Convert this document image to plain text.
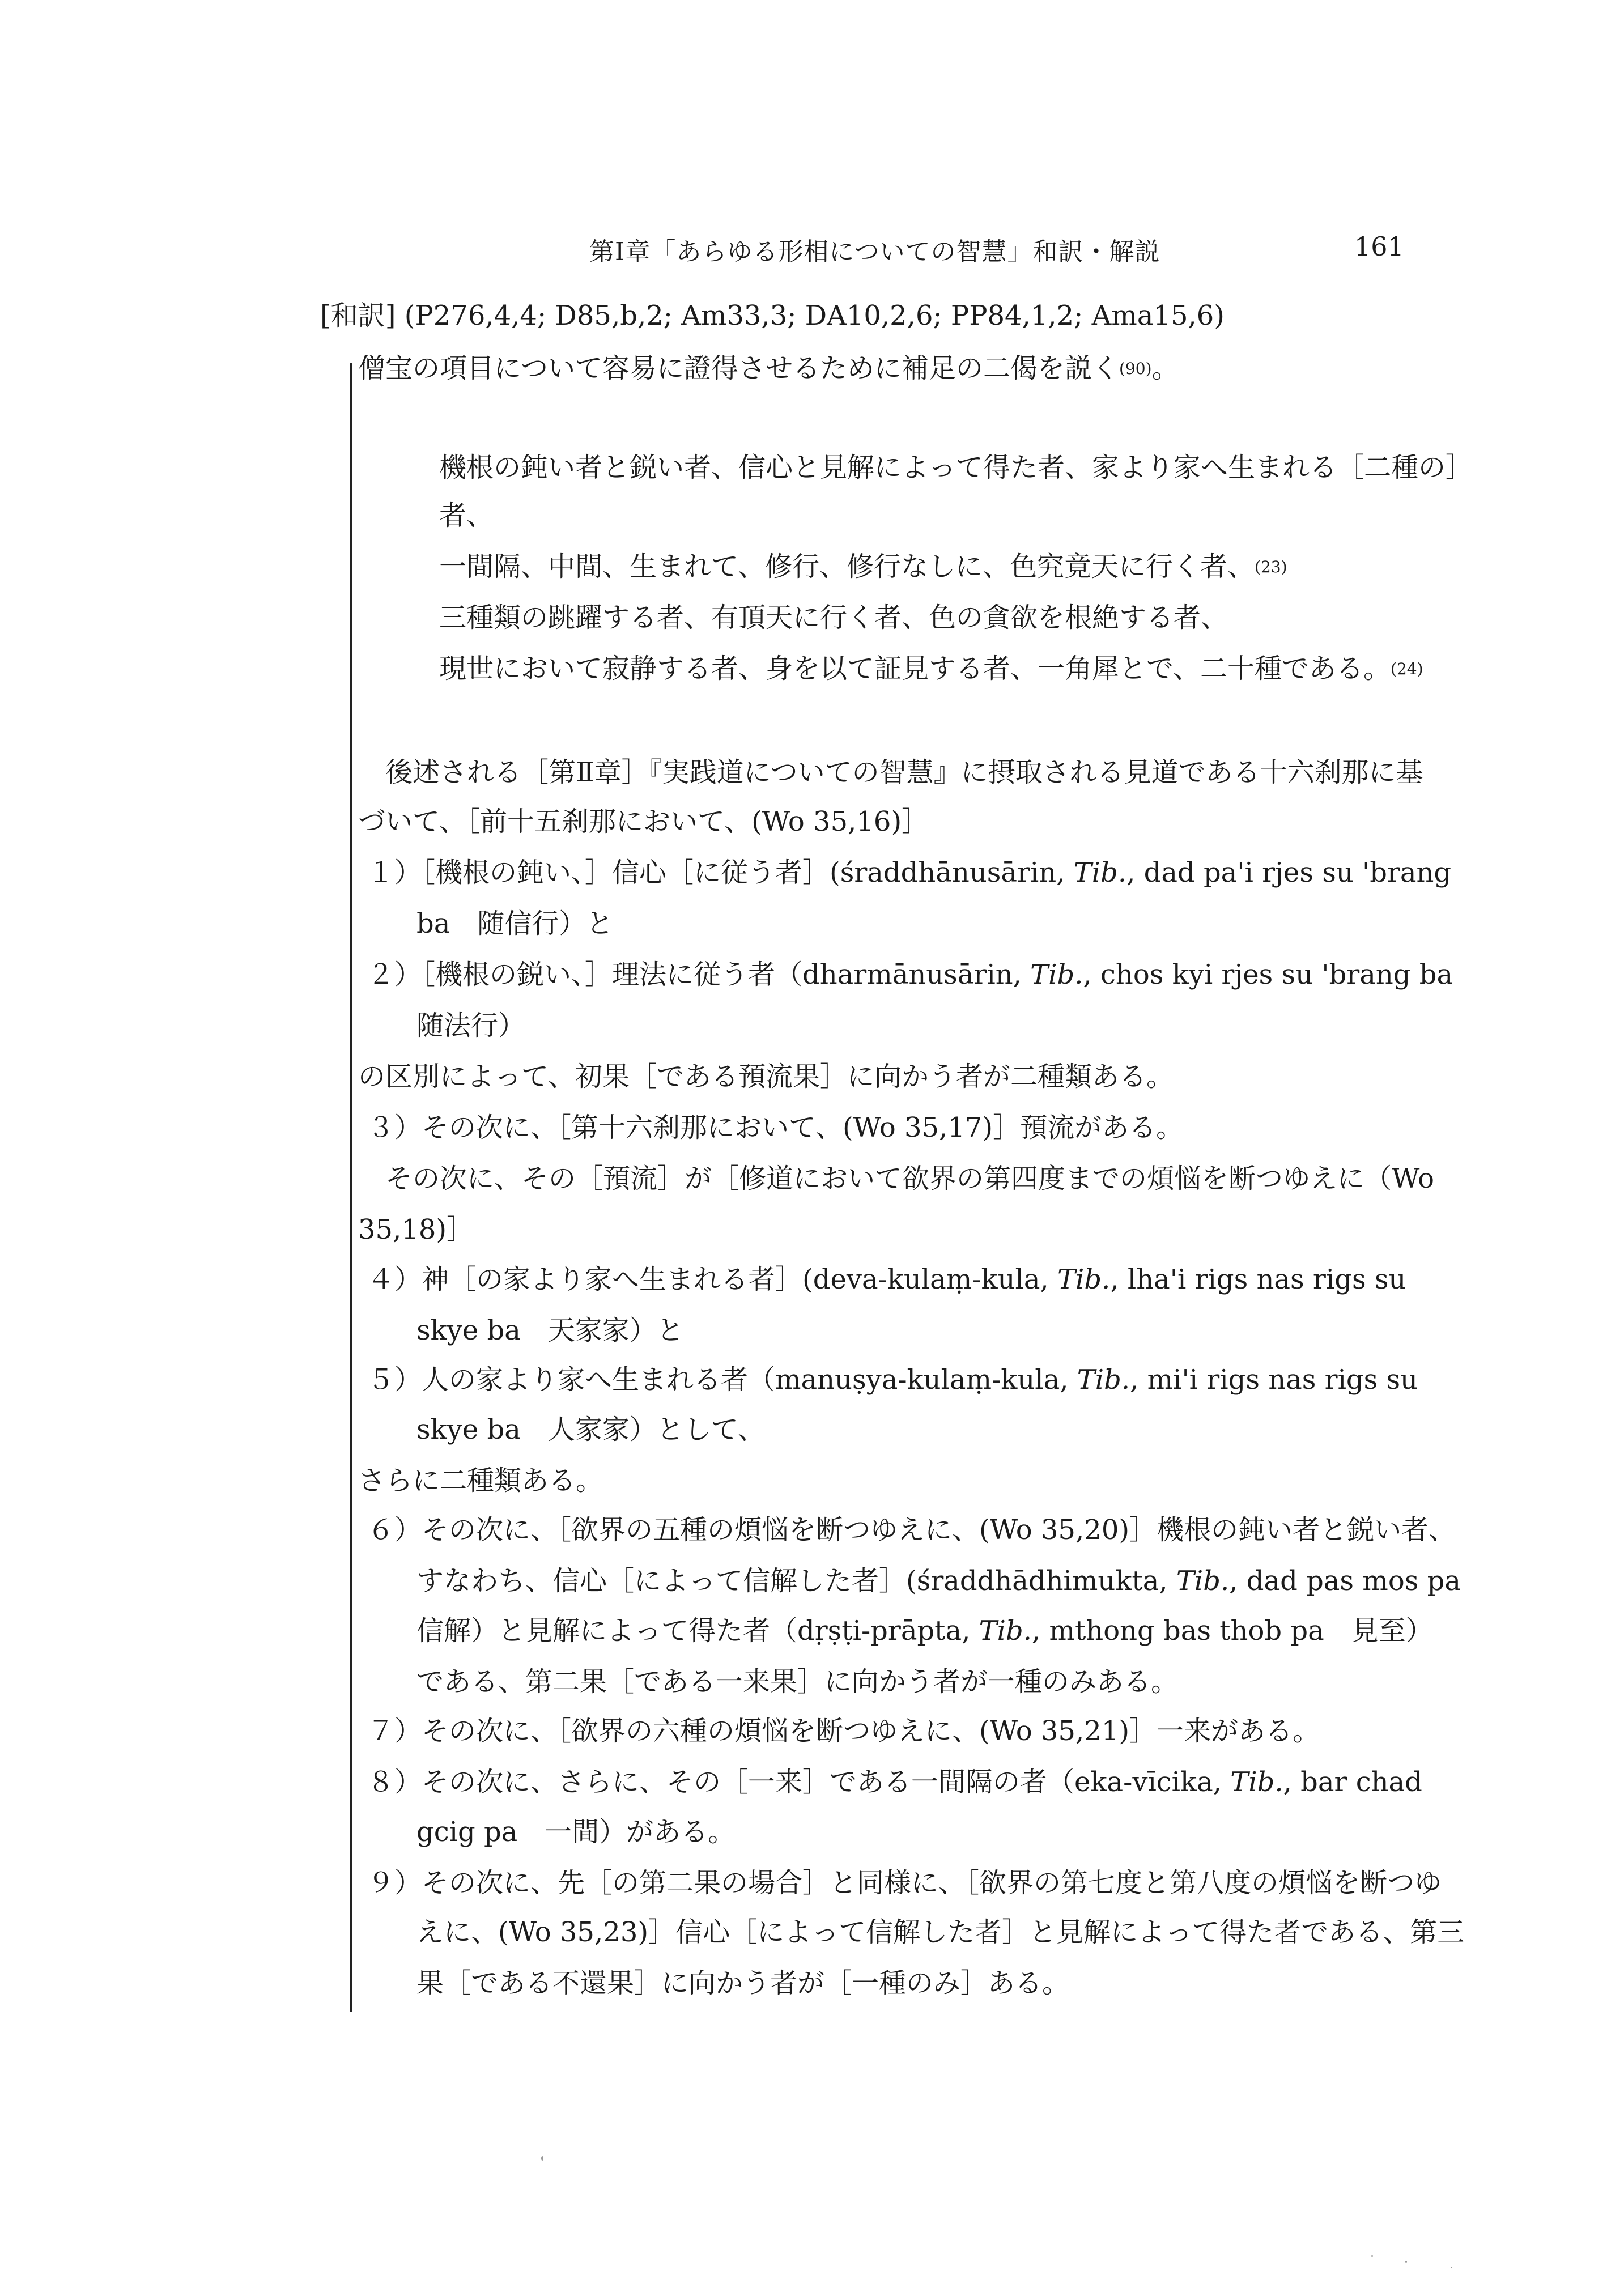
第Ⅰ章「あらゆる形相についての智慧」和訳・解説	161
[和訳] (P276,4,4; D85,b,2; Am33,3; DA10,2,6; PP84,1,2; Ama15,6)
僧宝の項目について容易に證得させるために補足の二偈を説く(90)。
機根の鈍い者と鋭い者、信心と見解によって得た者、家より家へ生まれる［二種の］
者、
一間隔、中間、生まれて、修行、修行なしに、色究竟天に行く者、(23)
三種類の跳躍する者、有頂天に行く者、色の貪欲を根絶する者、
現世において寂静する者、身を以て証見する者、一角犀とで、二十種である。(24)
後述される［第Ⅱ章］『実践道についての智慧』に摂取される見道である十六刹那に基
づいて、［前十五刹那において、(Wo 35,16)］
１）［機根の鈍い、］信心［に従う者］(śraddhānusārin, Tib., dad pa'i rjes su 'brang
ba　随信行）と
２）［機根の鋭い、］理法に従う者（dharmānusārin, Tib., chos kyi rjes su 'brang ba
随法行）
の区別によって、初果［である預流果］に向かう者が二種類ある。
３）その次に、［第十六刹那において、(Wo 35,17)］預流がある。
その次に、その［預流］が［修道において欲界の第四度までの煩悩を断つゆえに（Wo
35,18)］
４）神［の家より家へ生まれる者］(deva-kulaṃ-kula, Tib., lha'i rigs nas rigs su
skye ba　天家家）と
５）人の家より家へ生まれる者（manuṣya-kulaṃ-kula, Tib., mi'i rigs nas rigs su
skye ba　人家家）として、
さらに二種類ある。
６）その次に、［欲界の五種の煩悩を断つゆえに、(Wo 35,20)］機根の鈍い者と鋭い者、
すなわち、信心［によって信解した者］(śraddhādhimukta, Tib., dad pas mos pa
信解）と見解によって得た者（dṛṣṭi-prāpta, Tib., mthong bas thob pa　見至）
である、第二果［である一来果］に向かう者が一種のみある。
７）その次に、［欲界の六種の煩悩を断つゆえに、(Wo 35,21)］一来がある。
８）その次に、さらに、その［一来］である一間隔の者（eka-vīcika, Tib., bar chad
gcig pa　一間）がある。
９）その次に、先［の第二果の場合］と同様に、［欲界の第七度と第八度の煩悩を断つゆ
えに、(Wo 35,23)］信心［によって信解した者］と見解によって得た者である、第三
果［である不還果］に向かう者が［一種のみ］ある。
